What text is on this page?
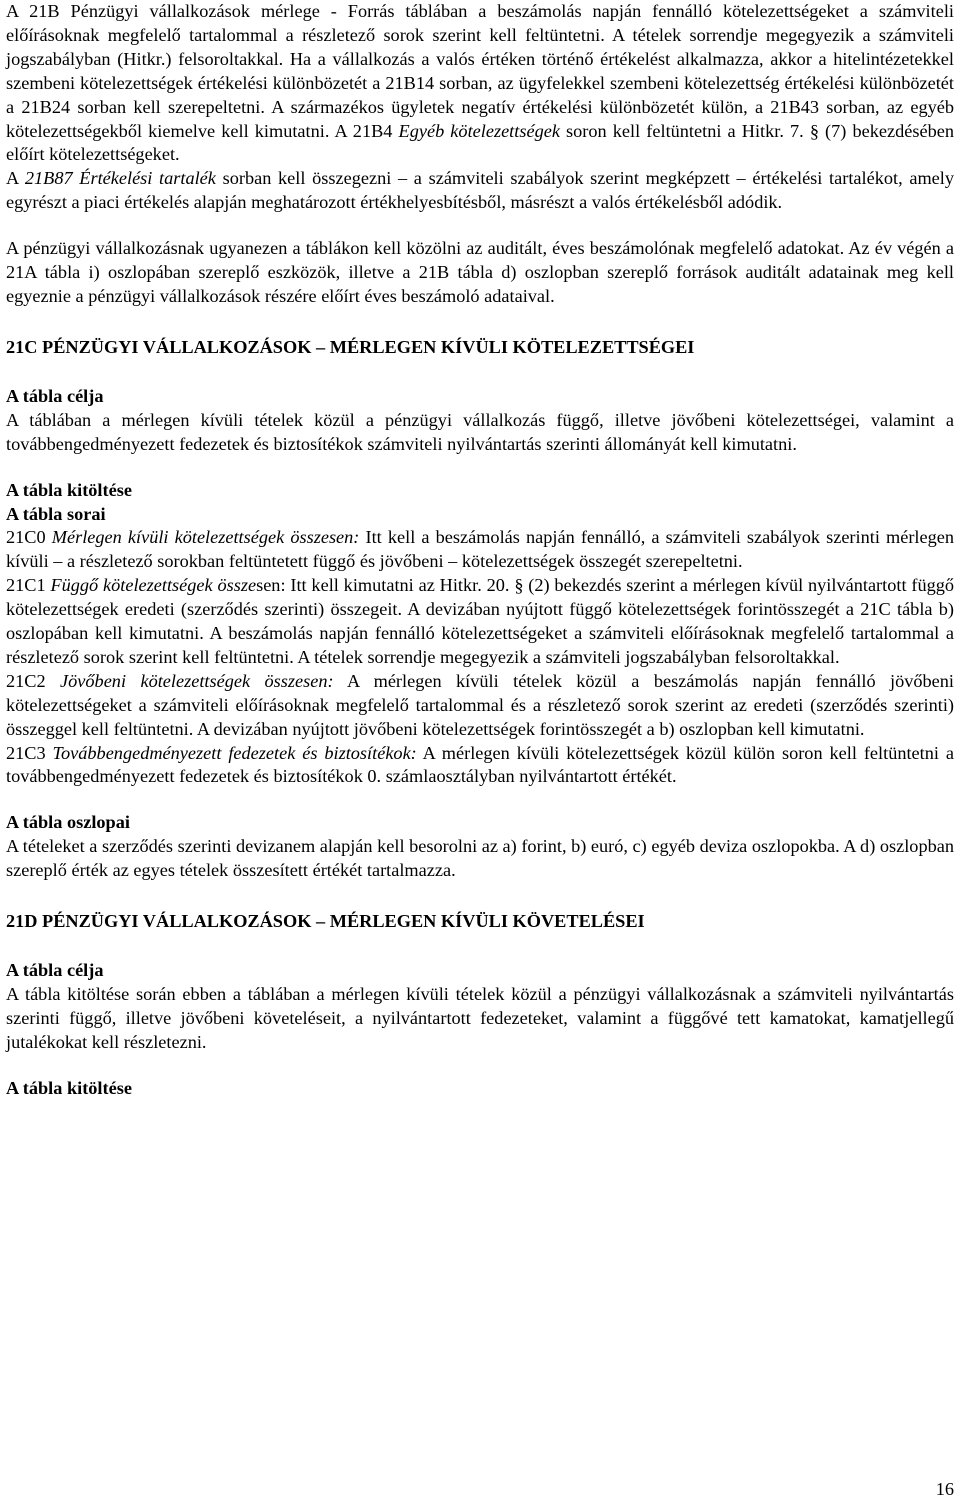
A 21B Pénzügyi vállalkozások mérlege - Forrás táblában a beszámolás napján fennálló kötelezettségeket a számviteli előírásoknak megfelelő tartalommal a részletező sorok szerint kell feltüntetni. A tételek sorrendje megegyezik a számviteli jogszabályban (Hitkr.) felsoroltakkal. Ha a vállalkozás a valós értéken történő értékelést alkalmazza, akkor a hitelintézetekkel szembeni kötelezettségek értékelési különbözetét a 21B14 sorban, az ügyfelekkel szembeni kötelezettség értékelési különbözetét a 21B24 sorban kell szerepeltetni. A származékos ügyletek negatív értékelési különbözetét külön, a 21B43 sorban, az egyéb kötelezettségekből kiemelve kell kimutatni. A 21B4 Egyéb kötelezettségek soron kell feltüntetni a Hitkr. 7. § (7) bekezdésében előírt kötelezettségeket.

A 21B87 Értékelési tartalék sorban kell összegezni – a számviteli szabályok szerint megképzett – értékelési tartalékot, amely egyrészt a piaci értékelés alapján meghatározott értékhelyesbítésből, másrészt a valós értékelésből adódik.

A pénzügyi vállalkozásnak ugyanezen a táblákon kell közölni az auditált, éves beszámolónak megfelelő adatokat. Az év végén a 21A tábla i) oszlopában szereplő eszközök, illetve a 21B tábla d) oszlopban szereplő források auditált adatainak meg kell egyeznie a pénzügyi vállalkozások részére előírt éves beszámoló adataival.

21C PÉNZÜGYI VÁLLALKOZÁSOK – MÉRLEGEN KÍVÜLI KÖTELEZETTSÉGEI

A tábla célja

A táblában a mérlegen kívüli tételek közül a pénzügyi vállalkozás függő, illetve jövőbeni kötelezettségei, valamint a továbbengedményezett fedezetek és biztosítékok számviteli nyilvántartás szerinti állományát kell kimutatni.

A tábla kitöltése

A tábla sorai

21C0 Mérlegen kívüli kötelezettségek összesen: Itt kell a beszámolás napján fennálló, a számviteli szabályok szerinti mérlegen kívüli – a részletező sorokban feltüntetett függő és jövőbeni – kötelezettségek összegét szerepeltetni.

21C1 Függő kötelezettségek összesen: Itt kell kimutatni az Hitkr. 20. § (2) bekezdés szerint a mérlegen kívül nyilvántartott függő kötelezettségek eredeti (szerződés szerinti) összegeit. A devizában nyújtott függő kötelezettségek forintösszegét a 21C tábla b) oszlopában kell kimutatni. A beszámolás napján fennálló kötelezettségeket a számviteli előírásoknak megfelelő tartalommal a részletező sorok szerint kell feltüntetni. A tételek sorrendje megegyezik a számviteli jogszabályban felsoroltakkal.

21C2 Jövőbeni kötelezettségek összesen: A mérlegen kívüli tételek közül a beszámolás napján fennálló jövőbeni kötelezettségeket a számviteli előírásoknak megfelelő tartalommal és a részletező sorok szerint az eredeti (szerződés szerinti) összeggel kell feltüntetni. A devizában nyújtott jövőbeni kötelezettségek forintösszegét a b) oszlopban kell kimutatni.

21C3 Továbbengedményezett fedezetek és biztosítékok: A mérlegen kívüli kötelezettségek közül külön soron kell feltüntetni a továbbengedményezett fedezetek és biztosítékok 0. számlaosztályban nyilvántartott értékét.

A tábla oszlopai

A tételeket a szerződés szerinti devizanem alapján kell besorolni az a) forint, b) euró, c) egyéb deviza oszlopokba. A d) oszlopban szereplő érték az egyes tételek összesített értékét tartalmazza.

21D PÉNZÜGYI VÁLLALKOZÁSOK – MÉRLEGEN KÍVÜLI KÖVETELÉSEI

A tábla célja

A tábla kitöltése során ebben a táblában a mérlegen kívüli tételek közül a pénzügyi vállalkozásnak a számviteli nyilvántartás szerinti függő, illetve jövőbeni követeléseit, a nyilvántartott fedezeteket, valamint a függővé tett kamatokat, kamatjellegű jutalékokat kell részletezni.

A tábla kitöltése

16
